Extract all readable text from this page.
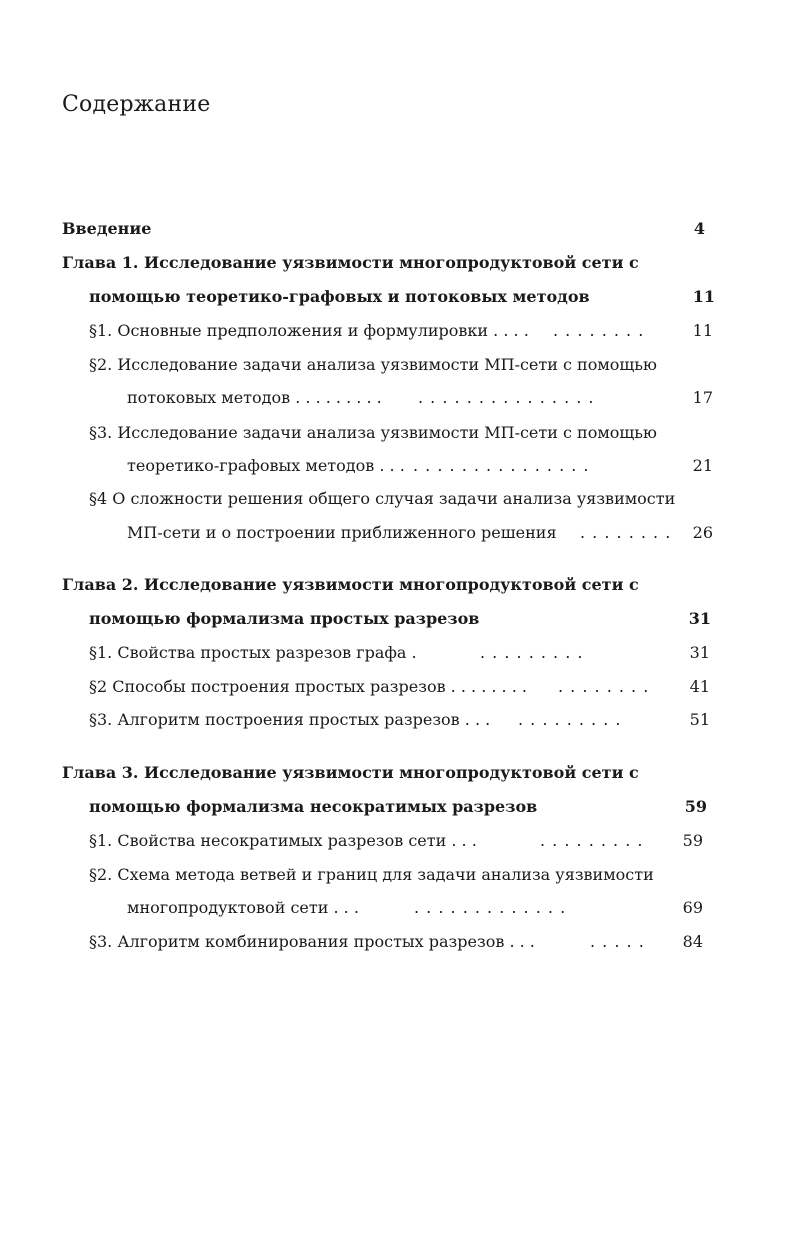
Содержание
Введение	4
Глава 1. Исследование уязвимости многопродуктовой сети с
помощью теоретико-графовых и потоковых методов	11
§1. Основные предположения и формулировки . . . . . . . . . . . .	11
§2. Исследование задачи анализа уязвимости МП-сети с помощью
потоковых методов . . . . . . . . . . . . . . . . . . . . . . . .	17
§3. Исследование задачи анализа уязвимости МП-сети с помощью
теоретико-графовых методов . . . . . . . . . . . . . . . . . .	21
§4 О сложности решения общего случая задачи анализа уязвимости
МП-сети и о построении приближенного решения . . . . . . . . 26
Глава 2. Исследование уязвимости многопродуктовой сети с
помощью формализма простых разрезов	31
§1. Свойства простых разрезов графа .	. . . . . . . . .	31
§2 Способы построения простых разрезов . . . . . . . . . . . . . . . .	41
§3. Алгоритм построения простых разрезов . . . . . . . . . . . .	51
Глава 3. Исследование уязвимости многопродуктовой сети с
помощью формализма несократимых разрезов	59
§1. Свойства несократимых разрезов сети . . .	. . . . . . . . . 59
§2. Схема метода ветвей и границ для задачи анализа уязвимости
многопродуктовой сети . . .	. . . . . . . . . . . . .	69
§3. Алгоритм комбинирования простых разрезов . . .	. . . . . 84
